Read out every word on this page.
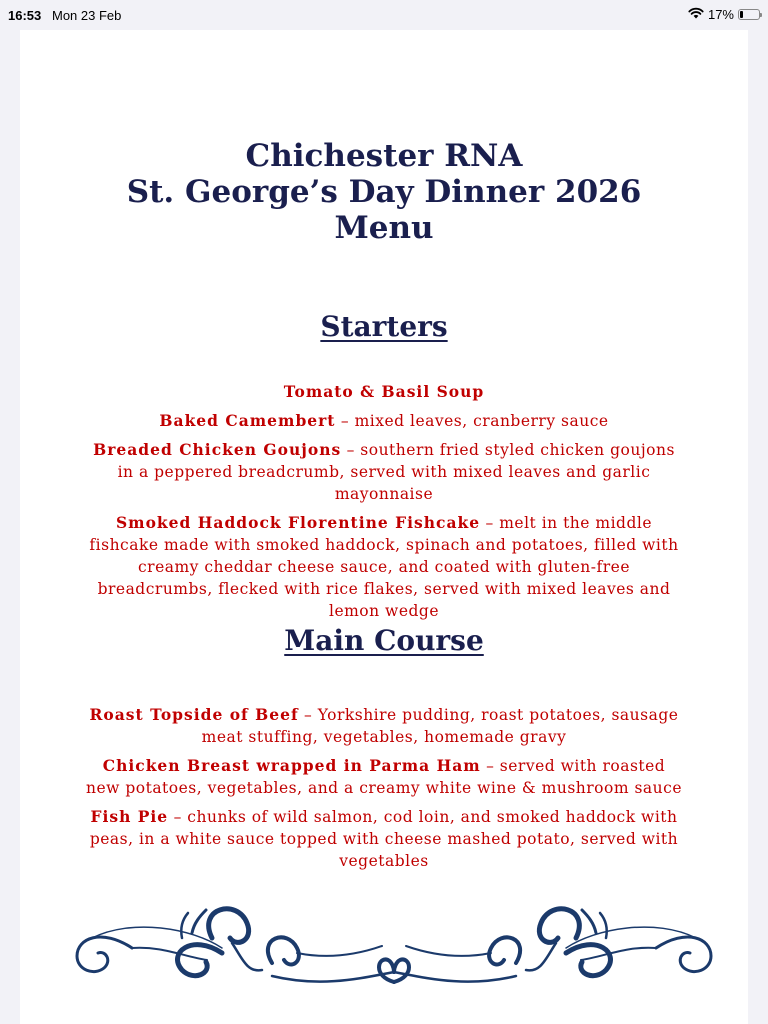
16:53 Mon 23 Feb	17%
Chichester RNA
St. George’s Day Dinner 2026
Menu
Starters

Tomato & Basil Soup

Baked Camembert – mixed leaves, cranberry sauce

Breaded Chicken Goujons – southern fried styled chicken goujons in a peppered breadcrumb, served with mixed leaves and garlic mayonnaise

Smoked Haddock Florentine Fishcake – melt in the middle fishcake made with smoked haddock, spinach and potatoes, filled with creamy cheddar cheese sauce, and coated with gluten-free breadcrumbs, flecked with rice flakes, served with mixed leaves and lemon wedge

Main Course

Roast Topside of Beef – Yorkshire pudding, roast potatoes, sausage meat stuffing, vegetables, homemade gravy

Chicken Breast wrapped in Parma Ham – served with roasted new potatoes, vegetables, and a creamy white wine & mushroom sauce

Fish Pie – chunks of wild salmon, cod loin, and smoked haddock with peas, in a white sauce topped with cheese mashed potato, served with vegetables
